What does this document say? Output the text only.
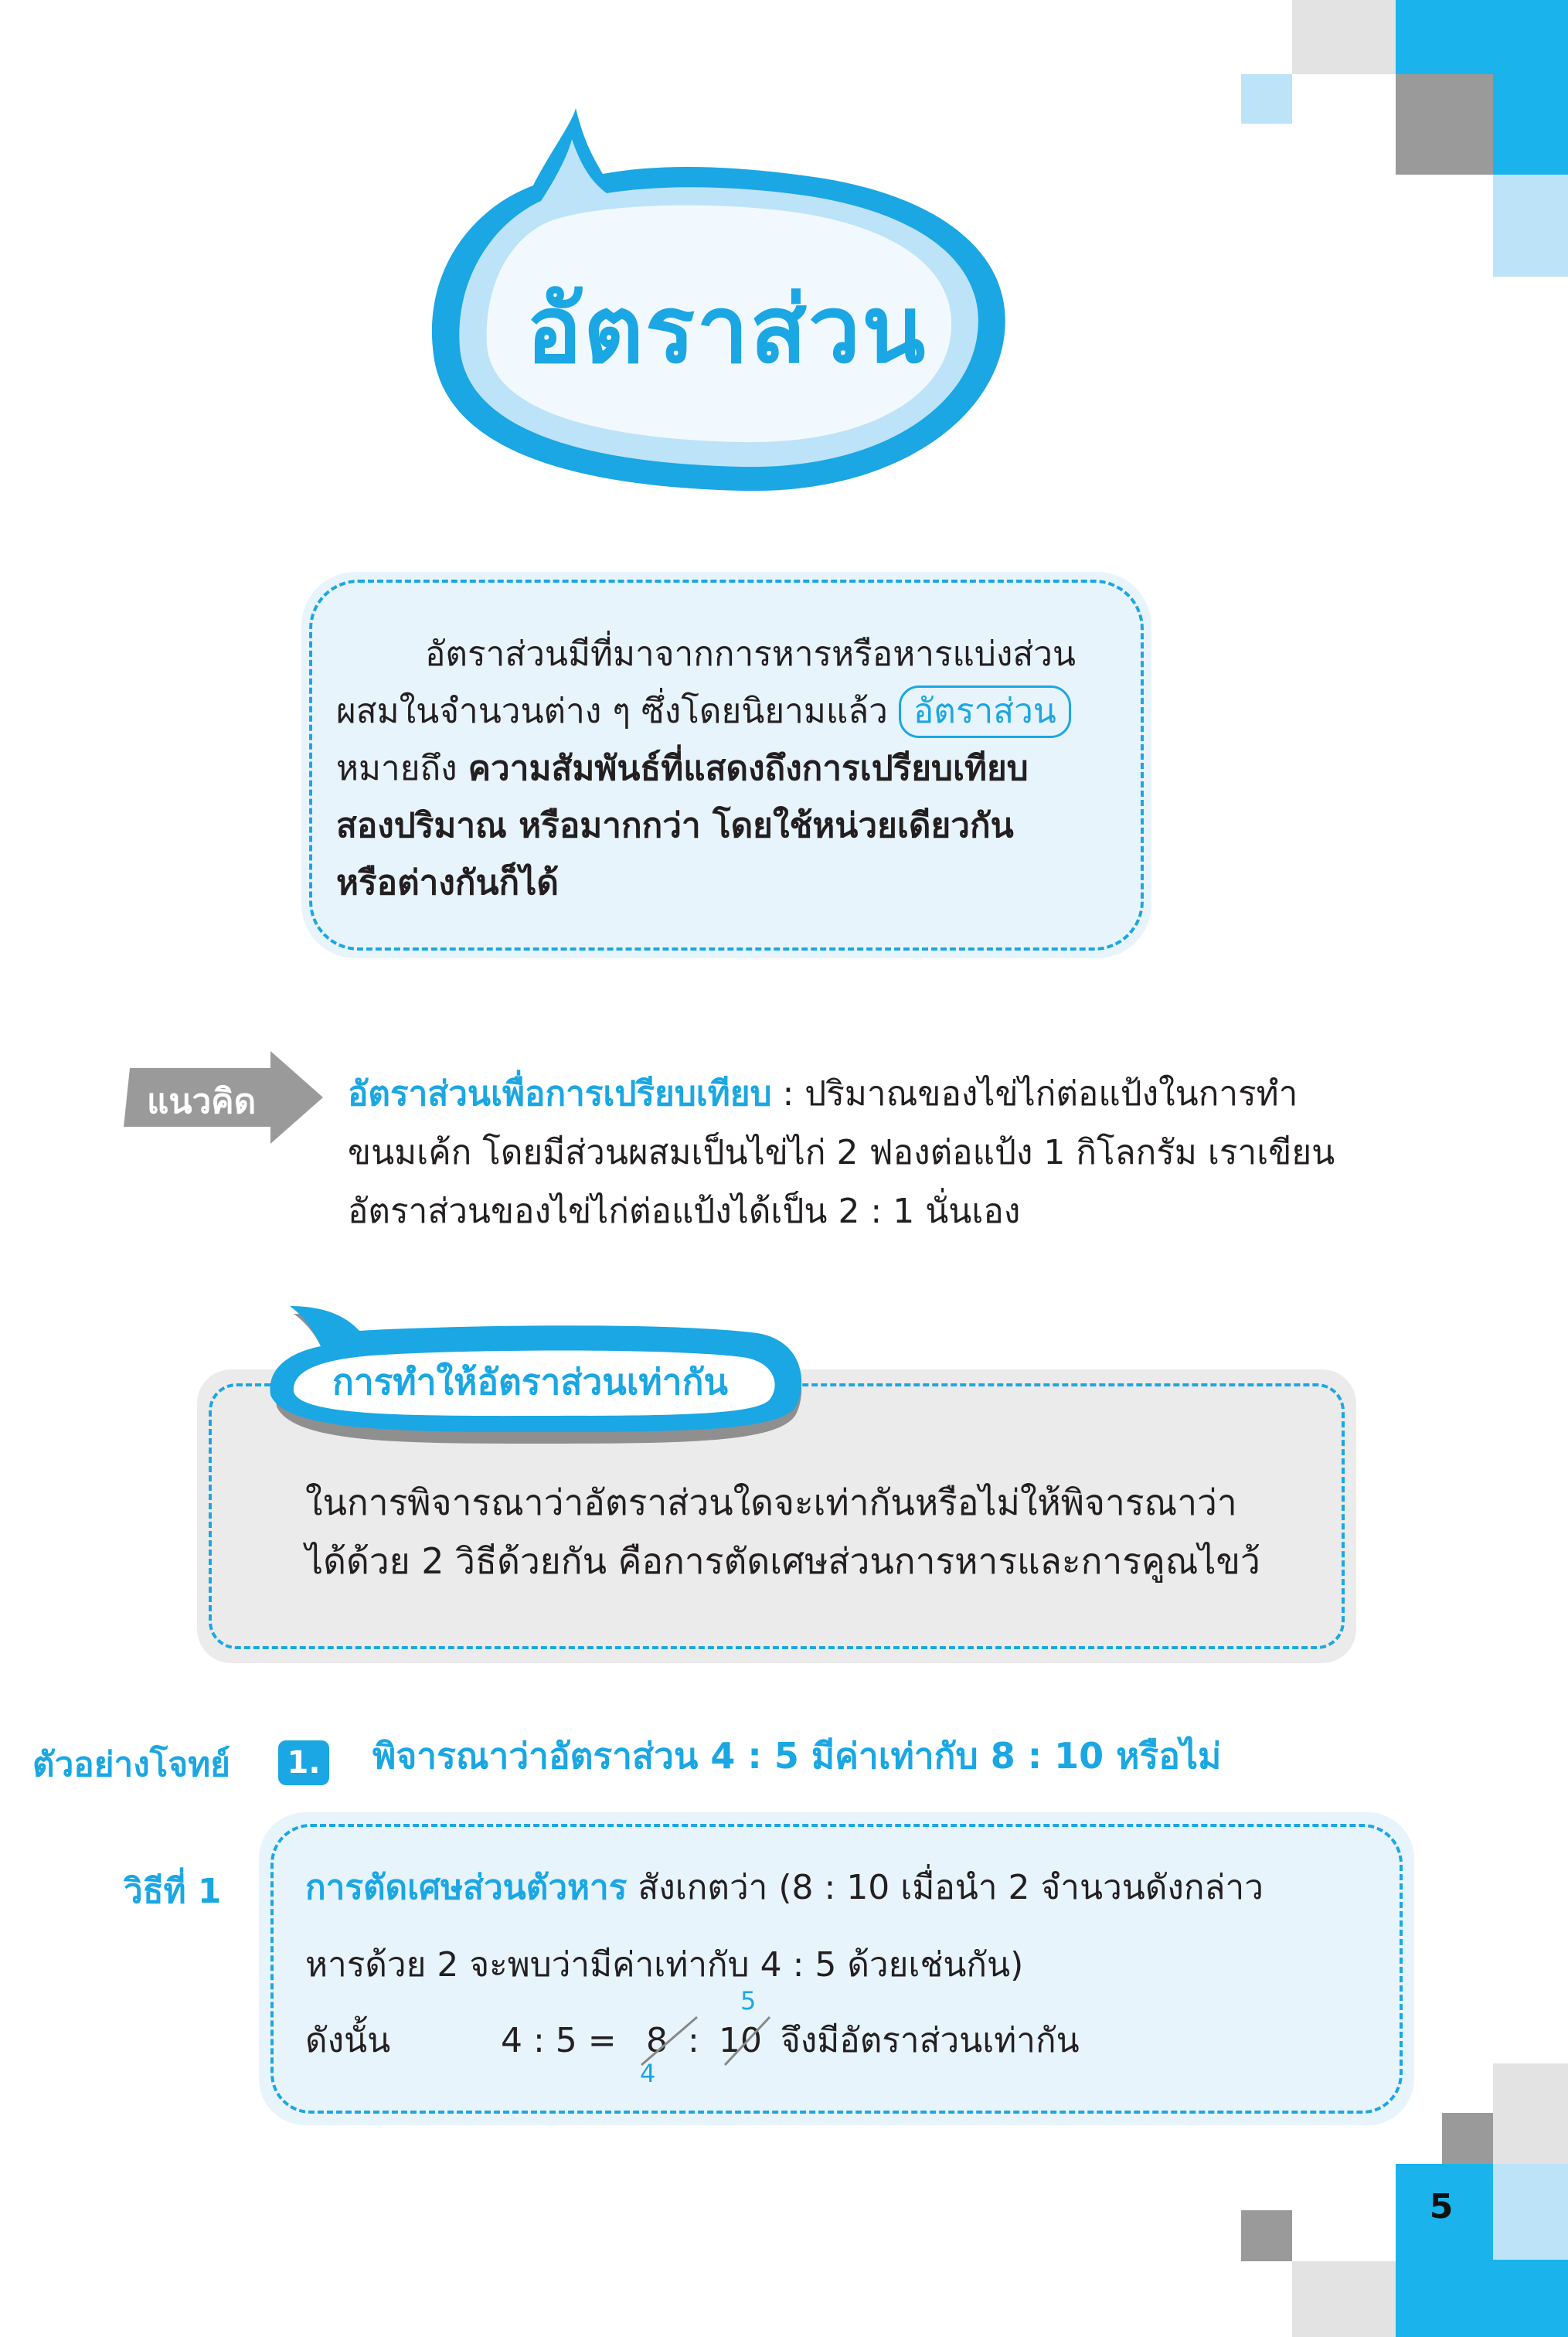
5
อัตราส่วน
อัตราส่วนมีที่มาจากการหารหรือหารแบ่งส่วน
ผสมในจำนวนต่าง ๆ ซึ่งโดยนิยามแล้ว อัตราส่วน
หมายถึง ความสัมพันธ์ที่แสดงถึงการเปรียบเทียบ
สองปริมาณ หรือมากกว่า โดยใช้หน่วยเดียวกัน
หรือต่างกันก็ได้
แนวคิด	อัตราส่วนเพื่อการเปรียบเทียบ : ปริมาณของไข่ไก่ต่อแป้งในการทำ
ขนมเค้ก โดยมีส่วนผสมเป็นไข่ไก่ 2 ฟองต่อแป้ง 1 กิโลกรัม เราเขียน
อัตราส่วนของไข่ไก่ต่อแป้งได้เป็น 2 : 1 นั่นเอง
การทำให้อัตราส่วนเท่ากัน
ในการพิจารณาว่าอัตราส่วนใดจะเท่ากันหรือไม่ให้พิจารณาว่า
ได้ด้วย 2 วิธีด้วยกัน คือการตัดเศษส่วนการหารและการคูณไขว้
ตัวอย่างโจทย์ 1. พิจารณาว่าอัตราส่วน 4 : 5 มีค่าเท่ากับ 8 : 10 หรือไม่
วิธีที่ 1 การตัดเศษส่วนตัวหาร สังเกตว่า (8 : 10 เมื่อนำ 2 จำนวนดังกล่าว
หารด้วย 2 จะพบว่ามีค่าเท่ากับ 4 : 5 ด้วยเช่นกัน)
ดังนั้น	4 : 5 = 8 : 10
4
5
จึงมีอัตราส่วนเท่ากัน
